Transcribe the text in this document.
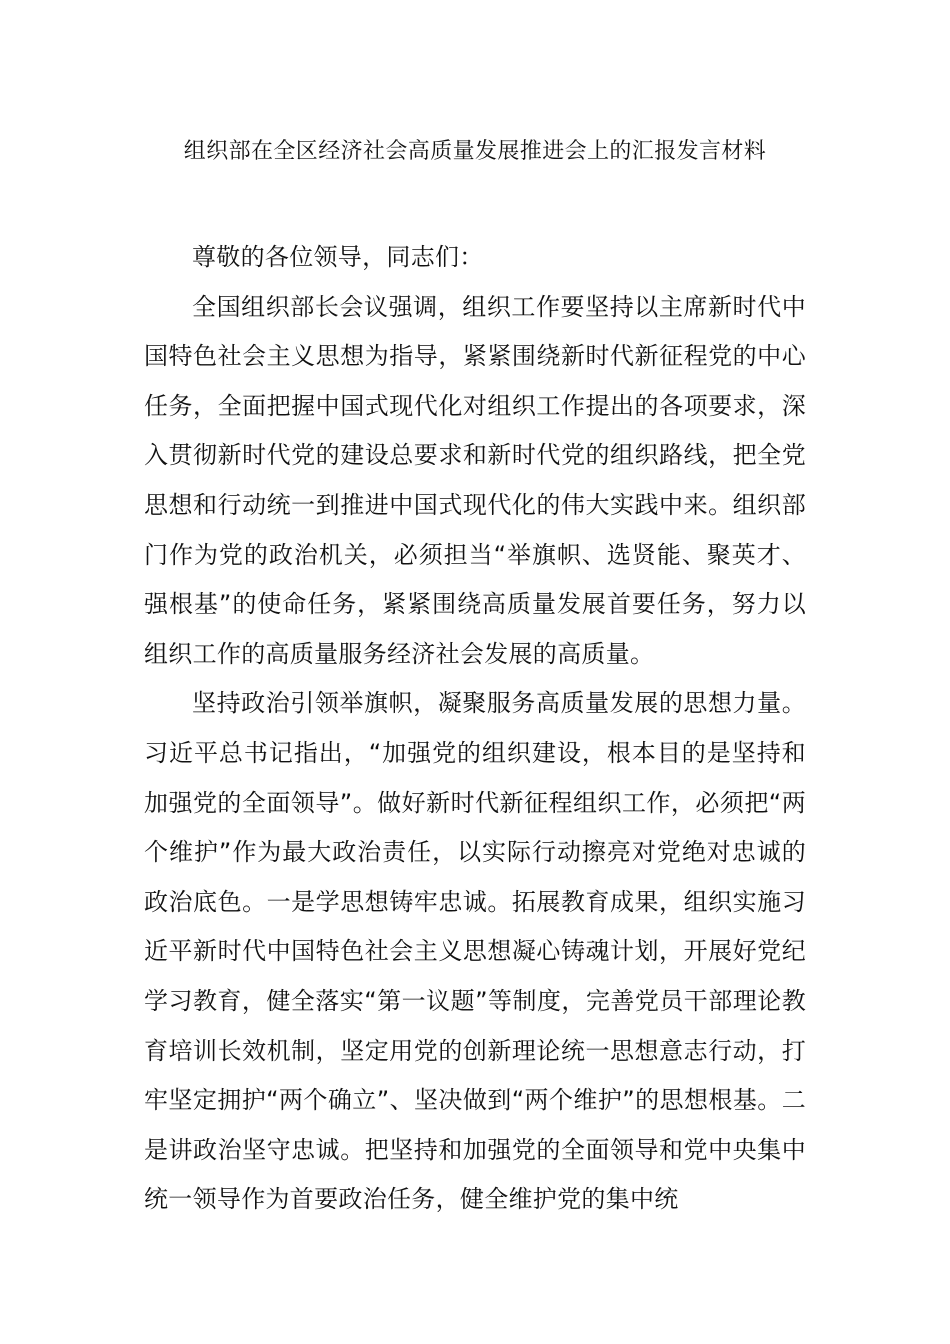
组织部在全区经济社会高质量发展推进会上的汇报发言材料

尊敬的各位领导，同志们：

全国组织部长会议强调，组织工作要坚持以主席新时代中国特色社会主义思想为指导，紧紧围绕新时代新征程党的中心任务，全面把握中国式现代化对组织工作提出的各项要求，深入贯彻新时代党的建设总要求和新时代党的组织路线，把全党思想和行动统一到推进中国式现代化的伟大实践中来。组织部门作为党的政治机关，必须担当“举旗帜、选贤能、聚英才、强根基”的使命任务，紧紧围绕高质量发展首要任务，努力以组织工作的高质量服务经济社会发展的高质量。

坚持政治引领举旗帜，凝聚服务高质量发展的思想力量。习近平总书记指出，“加强党的组织建设，根本目的是坚持和加强党的全面领导”。做好新时代新征程组织工作，必须把“两个维护”作为最大政治责任，以实际行动擦亮对党绝对忠诚的政治底色。一是学思想铸牢忠诚。拓展教育成果，组织实施习近平新时代中国特色社会主义思想凝心铸魂计划，开展好党纪学习教育，健全落实“第一议题”等制度，完善党员干部理论教育培训长效机制，坚定用党的创新理论统一思想意志行动，打牢坚定拥护“两个确立”、坚决做到“两个维护”的思想根基。二是讲政治坚守忠诚。把坚持和加强党的全面领导和党中央集中统一领导作为首要政治任务，健全维护党的集中统
